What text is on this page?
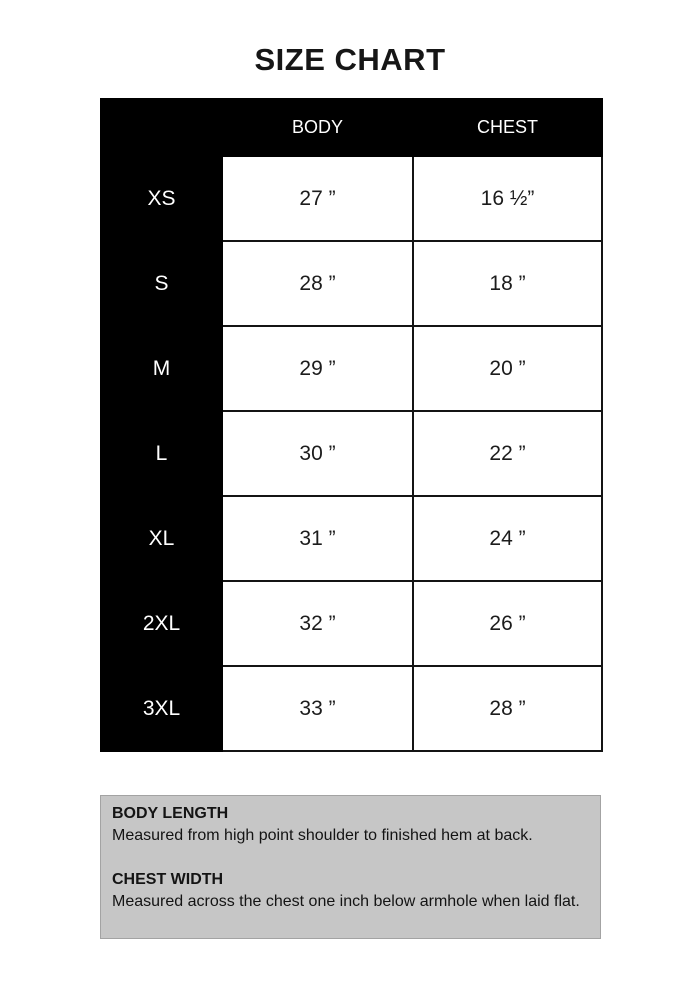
SIZE CHART
	BODY	CHEST
XS	27 ”	16 ½”
S	28 ”	18 ”
M	29 ”	20 ”
L	30 ”	22 ”
XL	31 ”	24 ”
2XL	32 ”	26 ”
3XL	33 ”	28 ”
BODY LENGTH
Measured from high point shoulder to finished hem at back.
CHEST WIDTH
Measured across the chest one inch below armhole when laid flat.
